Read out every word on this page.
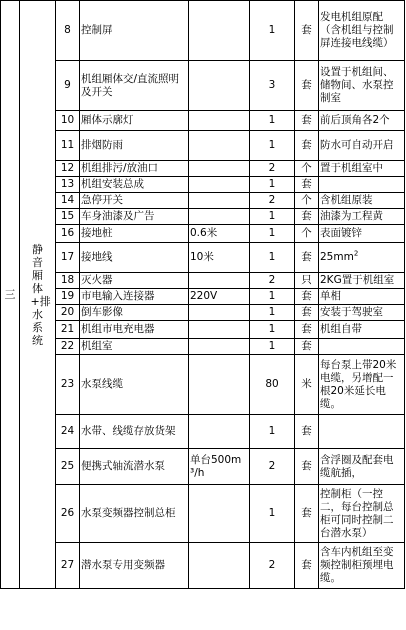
三	静音厢体+排水系统	8	控制屏		1	套	发电机组原配（含机组与控制屏连接电线缆）
		9	机组厢体交/直流照明及开关		3	套	设置于机组间、储物间、水泵控制室
		10	厢体示廓灯		1	套	前后顶角各2个
		11	排烟防雨		1	套	防水可自动开启
		12	机组排污/放油口		2	个	置于机组室中
		13	机组安装总成		1	套	
		14	急停开关		2	个	含机组原装
		15	车身油漆及广告		1	套	油漆为工程黄
		16	接地桩	0.6米	1	个	表面镀锌
		17	接地线	10米	1	套	$25mm^2$
		18	灭火器		2	只	2KG置于机组室
		19	市电输入连接器	220V	1	套	单相
		20	倒车影像		1	套	安装于驾驶室
		21	机组市电充电器		1	套	机组自带
		22	机组室		1	套	
		23	水泵线缆		80	米	每台泵上带20米电缆，另增配一根20米延长电缆。
		24	水带、线缆存放货架		1	套	
		25	便携式轴流潜水泵	单台500m³/h	2	套	含浮圈及配套电缆航插，
		26	水泵变频器控制总柜		1	套	控制柜（一控二，每台控制总柜可同时控制二台潜水泵）
		27	潜水泵专用变频器		2	套	含车内机组至变频控制柜预埋电缆。
